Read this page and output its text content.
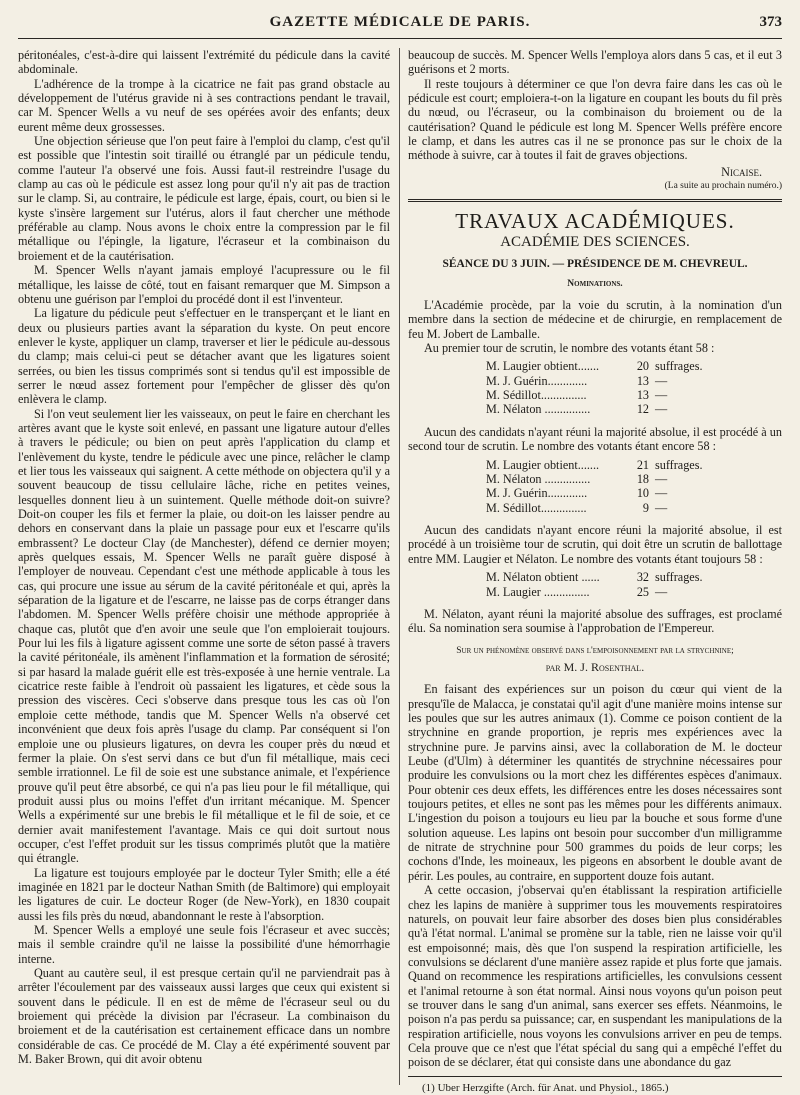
GAZETTE MÉDICALE DE PARIS.	373

péritonéales, c'est-à-dire qui laissent l'extrémité du pédicule dans la cavité abdominale.

L'adhérence de la trompe à la cicatrice ne fait pas grand obstacle au développement de l'utérus gravide ni à ses contractions pendant le travail, car M. Spencer Wells a vu neuf de ses opérées avoir des enfants; deux eurent même deux grossesses.

Une objection sérieuse que l'on peut faire à l'emploi du clamp, c'est qu'il est possible que l'intestin soit tiraillé ou étranglé par un pédicule tendu, comme l'auteur l'a observé une fois. Aussi faut-il restreindre l'usage du clamp au cas où le pédicule est assez long pour qu'il n'y ait pas de traction sur le clamp. Si, au contraire, le pédicule est large, épais, court, ou bien si le kyste s'insère largement sur l'utérus, alors il faut chercher une méthode préférable au clamp. Nous avons le choix entre la compression par le fil métallique ou l'épingle, la ligature, l'écraseur et la combinaison du broiement et de la cautérisation.

M. Spencer Wells n'ayant jamais employé l'acupressure ou le fil métallique, les laisse de côté, tout en faisant remarquer que M. Simpson a obtenu une guérison par l'emploi du procédé dont il est l'inventeur.

La ligature du pédicule peut s'effectuer en le transperçant et le liant en deux ou plusieurs parties avant la séparation du kyste. On peut encore enlever le kyste, appliquer un clamp, traverser et lier le pédicule au-dessous du clamp; mais celui-ci peut se détacher avant que les ligatures soient serrées, ou bien les tissus comprimés sont si tendus qu'il est impossible de serrer le nœud assez fortement pour l'empêcher de glisser dès qu'on enlèvera le clamp.

Si l'on veut seulement lier les vaisseaux, on peut le faire en cherchant les artères avant que le kyste soit enlevé, en passant une ligature autour d'elles à travers le pédicule; ou bien on peut après l'application du clamp et l'enlèvement du kyste, tendre le pédicule avec une pince, relâcher le clamp et lier tous les vaisseaux qui saignent. A cette méthode on objectera qu'il y a souvent beaucoup de tissu cellulaire lâche, riche en petites veines, lesquelles donnent lieu à un suintement. Quelle méthode doit-on suivre? Doit-on couper les fils et fermer la plaie, ou doit-on les laisser pendre au dehors en conservant dans la plaie un passage pour eux et l'escarre qu'ils embrassent? Le docteur Clay (de Manchester), défend ce dernier moyen; après quelques essais, M. Spencer Wells ne paraît guère disposé à l'employer de nouveau. Cependant c'est une méthode applicable à tous les cas, qui procure une issue au sérum de la cavité péritonéale et qui, après la séparation de la ligature et de l'escarre, ne laisse pas de corps étranger dans l'abdomen. M. Spencer Wells préfère choisir une méthode appropriée à chaque cas, plutôt que d'en avoir une seule que l'on emploierait toujours. Pour lui les fils à ligature agissent comme une sorte de séton passé à travers la cavité péritonéale, ils amènent l'inflammation et la formation de sérosité; si par hasard la malade guérit elle est très-exposée à une hernie ventrale. La cicatrice reste faible à l'endroit où passaient les ligatures, et cède sous la pression des viscères. Ceci s'observe dans presque tous les cas où l'on emploie cette méthode, tandis que M. Spencer Wells n'a observé cet inconvénient que deux fois après l'usage du clamp. Par conséquent si l'on emploie une ou plusieurs ligatures, on devra les couper près du nœud et fermer la plaie. On s'est servi dans ce but d'un fil métallique, mais ceci semble irrationnel. Le fil de soie est une substance animale, et l'expérience prouve qu'il peut être absorbé, ce qui n'a pas lieu pour le fil métallique, qui produit aussi plus ou moins l'effet d'un irritant mécanique. M. Spencer Wells a expérimenté sur une brebis le fil métallique et le fil de soie, et ce dernier avait manifestement l'avantage. Mais ce qui doit surtout nous occuper, c'est l'effet produit sur les tissus comprimés plutôt que la matière qui étrangle.

La ligature est toujours employée par le docteur Tyler Smith; elle a été imaginée en 1821 par le docteur Nathan Smith (de Baltimore) qui employait les ligatures de cuir. Le docteur Roger (de New-York), en 1830 coupait aussi les fils près du nœud, abandonnant le reste à l'absorption.

M. Spencer Wells a employé une seule fois l'écraseur et avec succès; mais il semble craindre qu'il ne laisse la possibilité d'une hémorrhagie interne.

Quant au cautère seul, il est presque certain qu'il ne parviendrait pas à arrêter l'écoulement par des vaisseaux aussi larges que ceux qui existent si souvent dans le pédicule. Il en est de même de l'écraseur seul ou du broiement qui précède la division par l'écraseur. La combinaison du broiement et de la cautérisation est certainement efficace dans un nombre considérable de cas. Ce procédé de M. Clay a été expérimenté souvent par M. Baker Brown, qui dit avoir obtenu

beaucoup de succès. M. Spencer Wells l'employa alors dans 5 cas, et il eut 3 guérisons et 2 morts.

Il reste toujours à déterminer ce que l'on devra faire dans les cas où le pédicule est court; emploiera-t-on la ligature en coupant les bouts du fil près du nœud, ou l'écraseur, ou la combinaison du broiement ou de la cautérisation? Quand le pédicule est long M. Spencer Wells préfère encore le clamp, et dans les autres cas il ne se prononce pas sur le choix de la méthode à suivre, car à toutes il fait de graves objections.

Nicaise.
(La suite au prochain numéro.)
TRAVAUX ACADÉMIQUES.
ACADÉMIE DES SCIENCES.
SÉANCE DU 3 JUIN. — PRÉSIDENCE DE M. CHEVREUL.
Nominations.

L'Académie procède, par la voie du scrutin, à la nomination d'un membre dans la section de médecine et de chirurgie, en remplacement de feu M. Jobert de Lamballe.

Au premier tour de scrutin, le nombre des votants étant 58 :

M. Laugier obtient.......	20 suffrages.
M. J. Guérin.............	13 —
M. Sédillot...............	13 —
M. Nélaton ...............	12 —

Aucun des candidats n'ayant réuni la majorité absolue, il est procédé à un second tour de scrutin. Le nombre des votants étant encore 58 :

M. Laugier obtient.......	21 suffrages.
M. Nélaton ...............	18 —
M. J. Guérin.............	10 —
M. Sédillot...............	9 —

Aucun des candidats n'ayant encore réuni la majorité absolue, il est procédé à un troisième tour de scrutin, qui doit être un scrutin de ballottage entre MM. Laugier et Nélaton. Le nombre des votants étant toujours 58 :

M. Nélaton obtient ......	32 suffrages.
M. Laugier ...............	25 —

M. Nélaton, ayant réuni la majorité absolue des suffrages, est proclamé élu. Sa nomination sera soumise à l'approbation de l'Empereur.

Sur un phénomène observé dans l'empoisonnement par la strychnine;
par M. J. Rosenthal.

En faisant des expériences sur un poison du cœur qui vient de la presqu'île de Malacca, je constatai qu'il agit d'une manière moins intense sur les poules que sur les autres animaux (1). Comme ce poison contient de la strychnine en grande proportion, je repris mes expériences avec la strychnine pure. Je parvins ainsi, avec la collaboration de M. le docteur Leube (d'Ulm) à déterminer les quantités de strychnine nécessaires pour produire les convulsions ou la mort chez les différentes espèces d'animaux. Pour obtenir ces deux effets, les différences entre les doses nécessaires sont toujours petites, et elles ne sont pas les mêmes pour les différents animaux. L'ingestion du poison a toujours eu lieu par la bouche et sous forme d'une solution aqueuse. Les lapins ont besoin pour succomber d'un milligramme de nitrate de strychnine pour 500 grammes du poids de leur corps; les cochons d'Inde, les moineaux, les pigeons en absorbent le double avant de périr. Les poules, au contraire, en supportent douze fois autant.

A cette occasion, j'observai qu'en établissant la respiration artificielle chez les lapins de manière à supprimer tous les mouvements respiratoires naturels, on pouvait leur faire absorber des doses bien plus considérables qu'à l'état normal. L'animal se promène sur la table, rien ne laisse voir qu'il est empoisonné; mais, dès que l'on suspend la respiration artificielle, les convulsions se déclarent d'une manière assez rapide et plus forte que jamais. Quand on recommence les respirations artificielles, les convulsions cessent et l'animal retourne à son état normal. Ainsi nous voyons qu'un poison peut se trouver dans le sang d'un animal, sans exercer ses effets. Néanmoins, le poison n'a pas perdu sa puissance; car, en suspendant les manipulations de la respiration artificielle, nous voyons les convulsions arriver en peu de temps. Cela prouve que ce n'est que l'état spécial du sang qui a empêché l'effet du poison de se déclarer, état qui consiste dans une abondance du gaz

(1) Uber Herzgifte (Arch. für Anat. und Physiol., 1865.)
